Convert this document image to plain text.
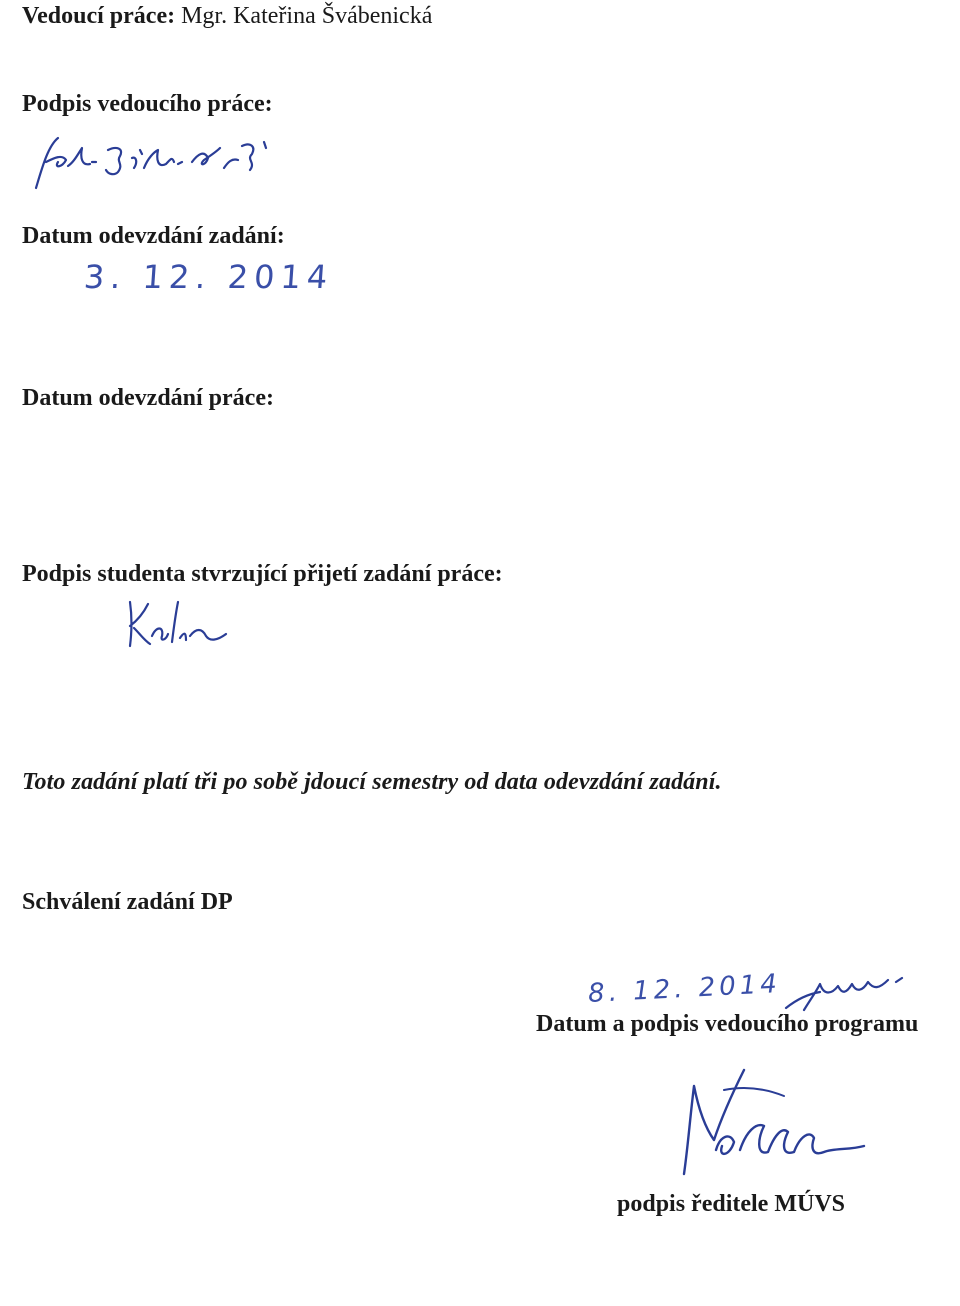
Vedoucí práce: Mgr. Kateřina Švábenická
Podpis vedoucího práce:
Datum odevzdání zadání:
3. 12. 2014
Datum odevzdání práce:
Podpis studenta stvrzující přijetí zadání práce:
Toto zadání platí tři po sobě jdoucí semestry od data odevzdání zadání.
Schválení zadání DP
8. 12. 2014
Datum a podpis vedoucího programu
podpis ředitele MÚVS
